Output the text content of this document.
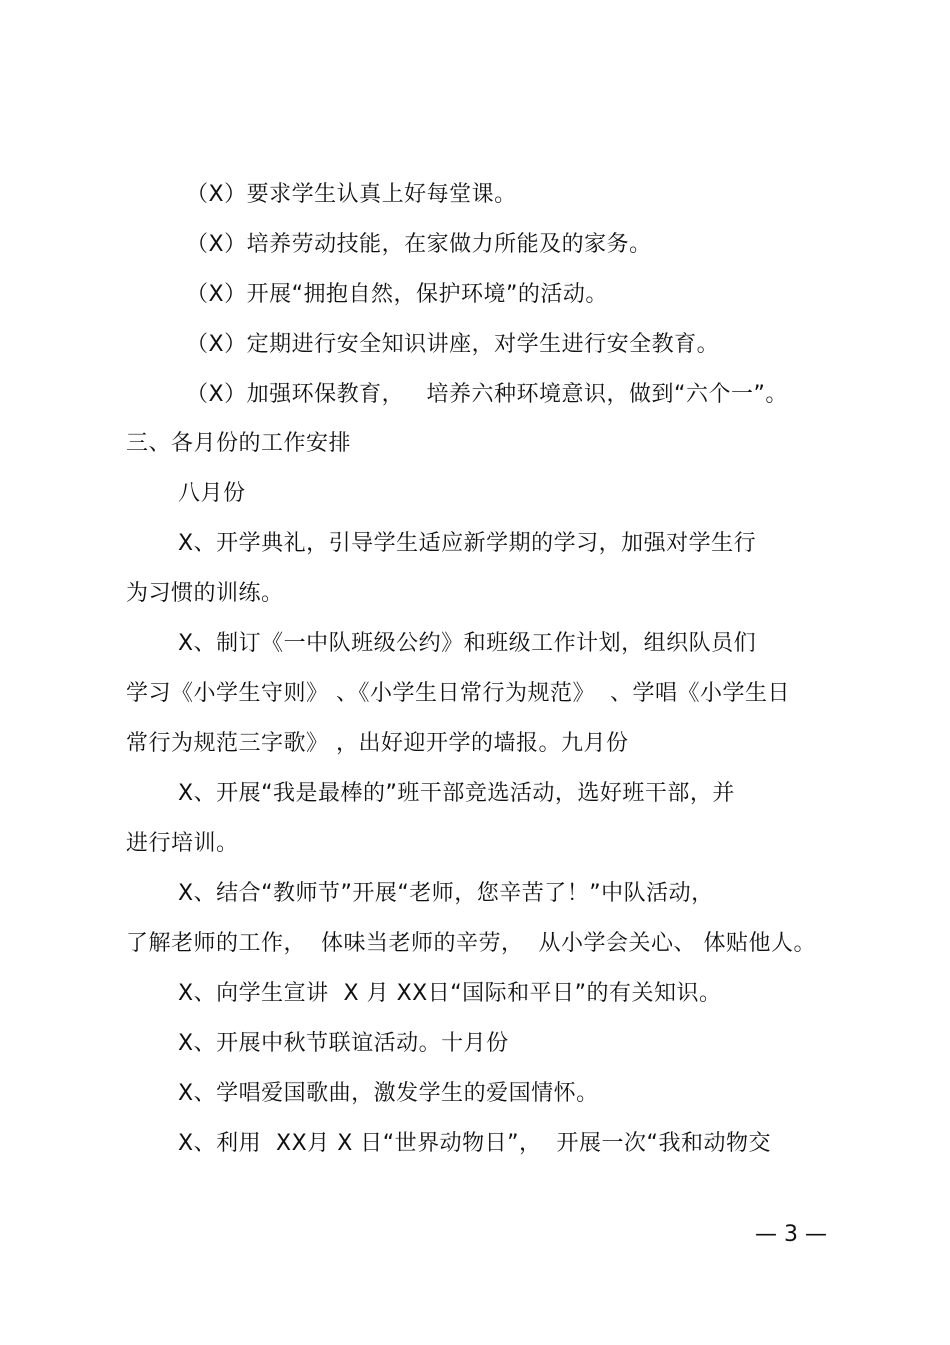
（X）要求学生认真上好每堂课。
（X）培养劳动技能，在家做力所能及的家务。
（X）开展“拥抱自然，保护环境”的活动。
（X）定期进行安全知识讲座，对学生进行安全教育。
（X）加强环保教育，   培养六种环境意识，做到“六个一”。
三、各月份的工作安排
八月份
X、开学典礼，引导学生适应新学期的学习，加强对学生行
为习惯的训练。
X、制订《一中队班级公约》和班级工作计划，组织队员们
学习《小学生守则》 、《小学生日常行为规范》  、学唱《小学生日
常行为规范三字歌》 ，出好迎开学的墙报。九月份
X、开展“我是最棒的”班干部竞选活动，选好班干部，并
进行培训。
X、结合“教师节”开展“老师，您辛苦了！”中队活动，
了解老师的工作，  体味当老师的辛劳，  从小学会关心、 体贴他人。
X、向学生宣讲  X 月 XX日“国际和平日”的有关知识。
X、开展中秋节联谊活动。十月份
X、学唱爱国歌曲，激发学生的爱国情怀。
X、利用  XX月 X 日“世界动物日”，  开展一次“我和动物交
— 3 —
